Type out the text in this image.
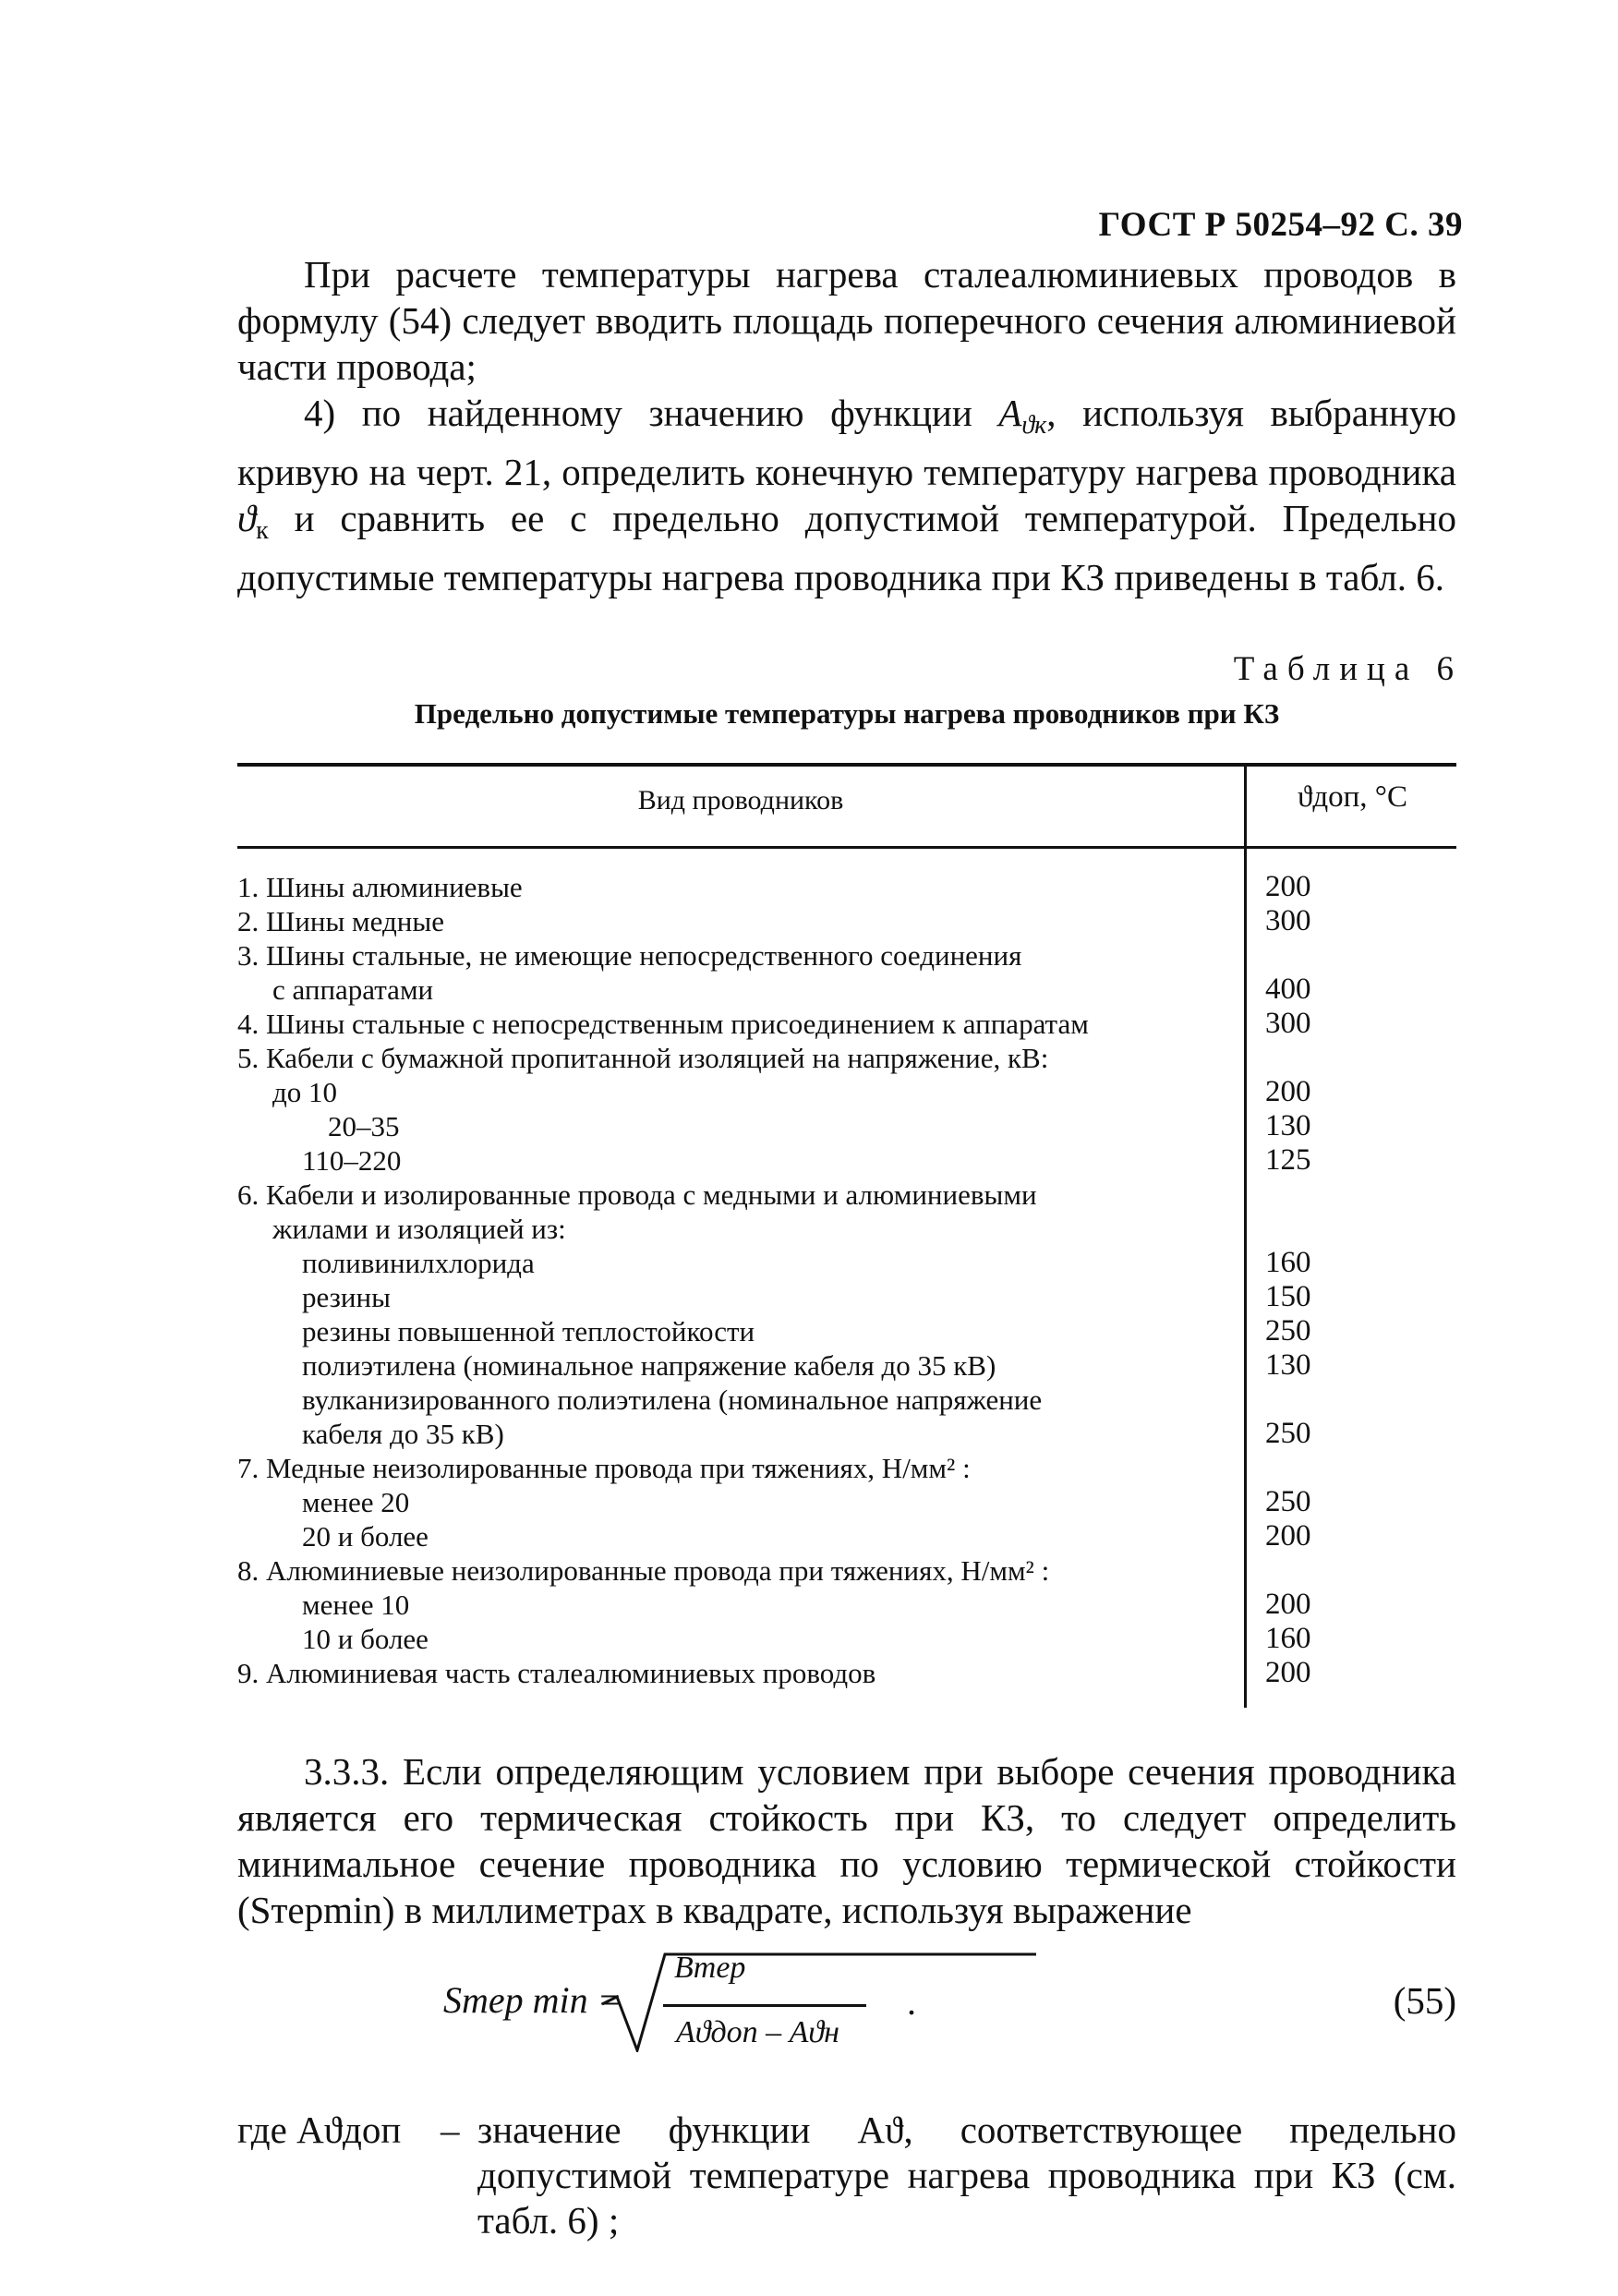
ГОСТ Р 50254–92 С. 39
При расчете температуры нагрева сталеалюминиевых проводов в формулу (54) следует вводить площадь поперечного сечения алюминиевой части провода;
4) по найденному значению функции $A_{ϑк}$, используя выбранную кривую на черт. 21, определить конечную температуру нагрева проводника $ϑ_к$ и сравнить ее с предельно допустимой температурой. Предельно допустимые температуры нагрева проводника при КЗ приведены в табл. 6.
Таблица 6
Предельно допустимые температуры нагрева проводников при КЗ
Вид проводников	ϑдоп, °С
1. Шины алюминиевые	200
2. Шины медные	300
3. Шины стальные, не имеющие непосредственного соединения
с аппаратами	400
4. Шины стальные с непосредственным присоединением к аппаратам	300
5. Кабели с бумажной пропитанной изоляцией на напряжение, кВ:
до 10	200
20–35	130
110–220	125
6. Кабели и изолированные провода с медными и алюминиевыми
жилами и изоляцией из:
поливинилхлорида	160
резины	150
резины повышенной теплостойкости	250
полиэтилена (номинальное напряжение кабеля до 35 кВ)	130
вулканизированного полиэтилена (номинальное напряжение
кабеля до 35 кВ)	250
7. Медные неизолированные провода при тяжениях, Н/мм² :
менее 20	250
20 и более	200
8. Алюминиевые неизолированные провода при тяжениях, Н/мм² :
менее 10	200
10 и более	160
9. Алюминиевая часть сталеалюминиевых проводов	200
3.3.3. Если определяющим условием при выборе сечения проводника является его термическая стойкость при КЗ, то следует определить минимальное сечение проводника по условию термической стойкости (Sтерmin) в миллиметрах в квадрате, используя выражение
Sтер min =
Bтер
Aϑдоп – Aϑн
.	(55)
где Aϑдоп – значение функции Aϑ, соответствующее предельно допустимой температуре нагрева проводника при КЗ (см. табл. 6) ;
